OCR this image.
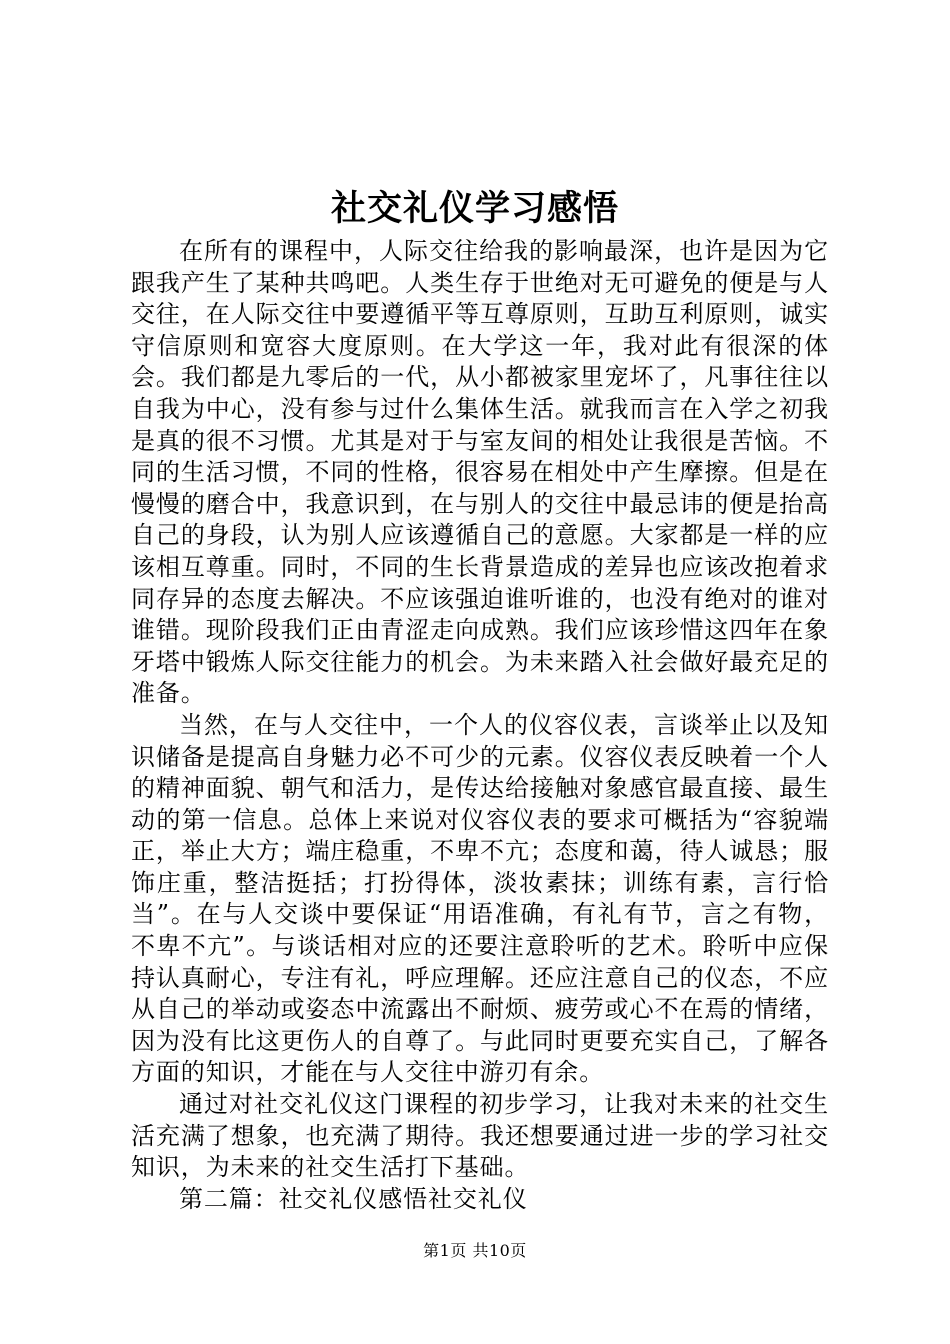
社交礼仪学习感悟

在所有的课程中，人际交往给我的影响最深，也许是因为它跟我产生了某种共鸣吧。人类生存于世绝对无可避免的便是与人交往，在人际交往中要遵循平等互尊原则，互助互利原则，诚实守信原则和宽容大度原则。在大学这一年，我对此有很深的体会。我们都是九零后的一代，从小都被家里宠坏了，凡事往往以自我为中心，没有参与过什么集体生活。就我而言在入学之初我是真的很不习惯。尤其是对于与室友间的相处让我很是苦恼。不同的生活习惯，不同的性格，很容易在相处中产生摩擦。但是在慢慢的磨合中，我意识到，在与别人的交往中最忌讳的便是抬高自己的身段，认为别人应该遵循自己的意愿。大家都是一样的应该相互尊重。同时，不同的生长背景造成的差异也应该改抱着求同存异的态度去解决。不应该强迫谁听谁的，也没有绝对的谁对谁错。现阶段我们正由青涩走向成熟。我们应该珍惜这四年在象牙塔中锻炼人际交往能力的机会。为未来踏入社会做好最充足的准备。

当然，在与人交往中，一个人的仪容仪表，言谈举止以及知识储备是提高自身魅力必不可少的元素。仪容仪表反映着一个人的精神面貌、朝气和活力，是传达给接触对象感官最直接、最生动的第一信息。总体上来说对仪容仪表的要求可概括为“容貌端正，举止大方；端庄稳重，不卑不亢；态度和蔼，待人诚恳；服饰庄重，整洁挺括；打扮得体，淡妆素抹；训练有素，言行恰当”。在与人交谈中要保证“用语准确，有礼有节，言之有物，不卑不亢”。与谈话相对应的还要注意聆听的艺术。聆听中应保持认真耐心，专注有礼，呼应理解。还应注意自己的仪态，不应从自己的举动或姿态中流露出不耐烦、疲劳或心不在焉的情绪，因为没有比这更伤人的自尊了。与此同时更要充实自己，了解各方面的知识，才能在与人交往中游刃有余。

通过对社交礼仪这门课程的初步学习，让我对未来的社交生活充满了想象，也充满了期待。我还想要通过进一步的学习社交知识，为未来的社交生活打下基础。

第二篇：社交礼仪感悟社交礼仪

第1页 共10页
